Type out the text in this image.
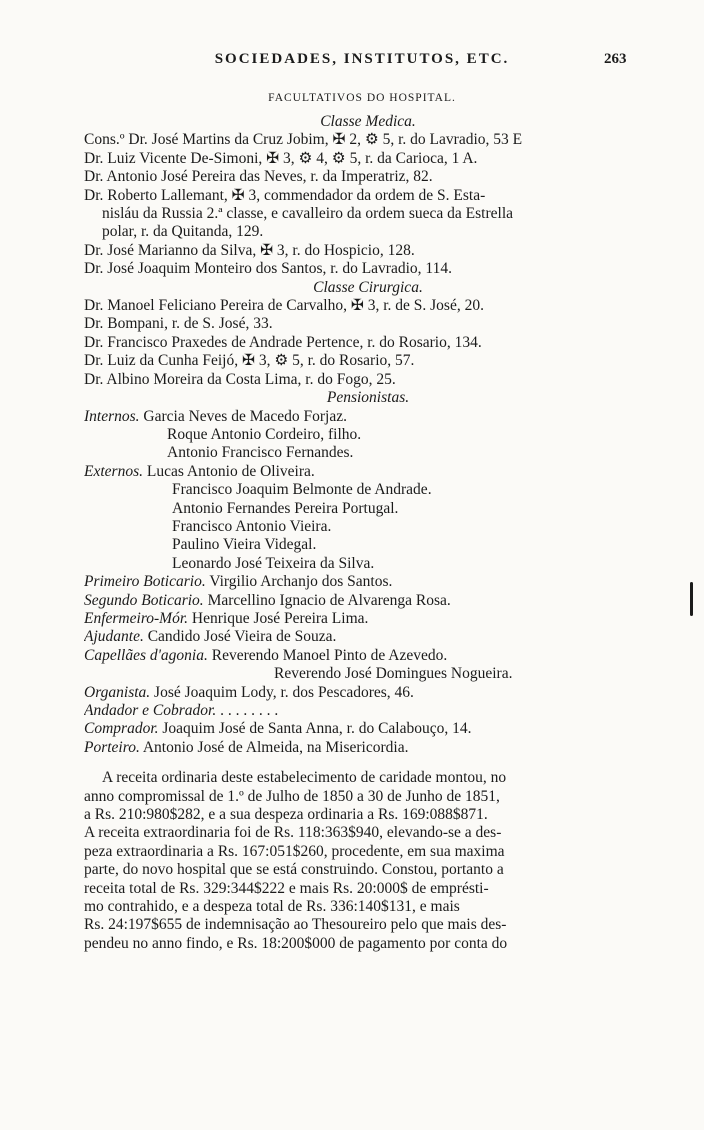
SOCIEDADES, INSTITUTOS, ETC.	263
FACULTATIVOS DO HOSPITAL.
Classe Medica.
Cons.º Dr. José Martins da Cruz Jobim, ✠ 2, ⚙ 5, r. do Lavradio, 53 E
Dr. Luiz Vicente De-Simoni, ✠ 3, ⚙ 4, ⚙ 5, r. da Carioca, 1 A.
Dr. Antonio José Pereira das Neves, r. da Imperatriz, 82.
Dr. Roberto Lallemant, ✠ 3, commendador da ordem de S. Esta-
nisláu da Russia 2.ª classe, e cavalleiro da ordem sueca da Estrella
polar, r. da Quitanda, 129.
Dr. José Marianno da Silva, ✠ 3, r. do Hospicio, 128.
Dr. José Joaquim Monteiro dos Santos, r. do Lavradio, 114.
Classe Cirurgica.
Dr. Manoel Feliciano Pereira de Carvalho, ✠ 3, r. de S. José, 20.
Dr. Bompani, r. de S. José, 33.
Dr. Francisco Praxedes de Andrade Pertence, r. do Rosario, 134.
Dr. Luiz da Cunha Feijó, ✠ 3, ⚙ 5, r. do Rosario, 57.
Dr. Albino Moreira da Costa Lima, r. do Fogo, 25.
Pensionistas.
Internos. Garcia Neves de Macedo Forjaz.
Roque Antonio Cordeiro, filho.
Antonio Francisco Fernandes.
Externos. Lucas Antonio de Oliveira.
Francisco Joaquim Belmonte de Andrade.
Antonio Fernandes Pereira Portugal.
Francisco Antonio Vieira.
Paulino Vieira Videgal.
Leonardo José Teixeira da Silva.
Primeiro Boticario. Virgilio Archanjo dos Santos.
Segundo Boticario. Marcellino Ignacio de Alvarenga Rosa.
Enfermeiro-Mór. Henrique José Pereira Lima.
Ajudante. Candido José Vieira de Souza.
Capellães d'agonia. Reverendo Manoel Pinto de Azevedo.
Reverendo José Domingues Nogueira.
Organista. José Joaquim Lody, r. dos Pescadores, 46.
Andador e Cobrador. . . . . . . . .
Comprador. Joaquim José de Santa Anna, r. do Calabouço, 14.
Porteiro. Antonio José de Almeida, na Misericordia.
A receita ordinaria deste estabelecimento de caridade montou, no
anno compromissal de 1.º de Julho de 1850 a 30 de Junho de 1851,
a Rs. 210:980$282, e a sua despeza ordinaria a Rs. 169:088$871.
A receita extraordinaria foi de Rs. 118:363$940, elevando-se a des-
peza extraordinaria a Rs. 167:051$260, procedente, em sua maxima
parte, do novo hospital que se está construindo. Constou, portanto a
receita total de Rs. 329:344$222 e mais Rs. 20:000$ de emprésti-
mo contrahido, e a despeza total de Rs. 336:140$131, e mais
Rs. 24:197$655 de indemnisação ao Thesoureiro pelo que mais des-
pendeu no anno findo, e Rs. 18:200$000 de pagamento por conta do
